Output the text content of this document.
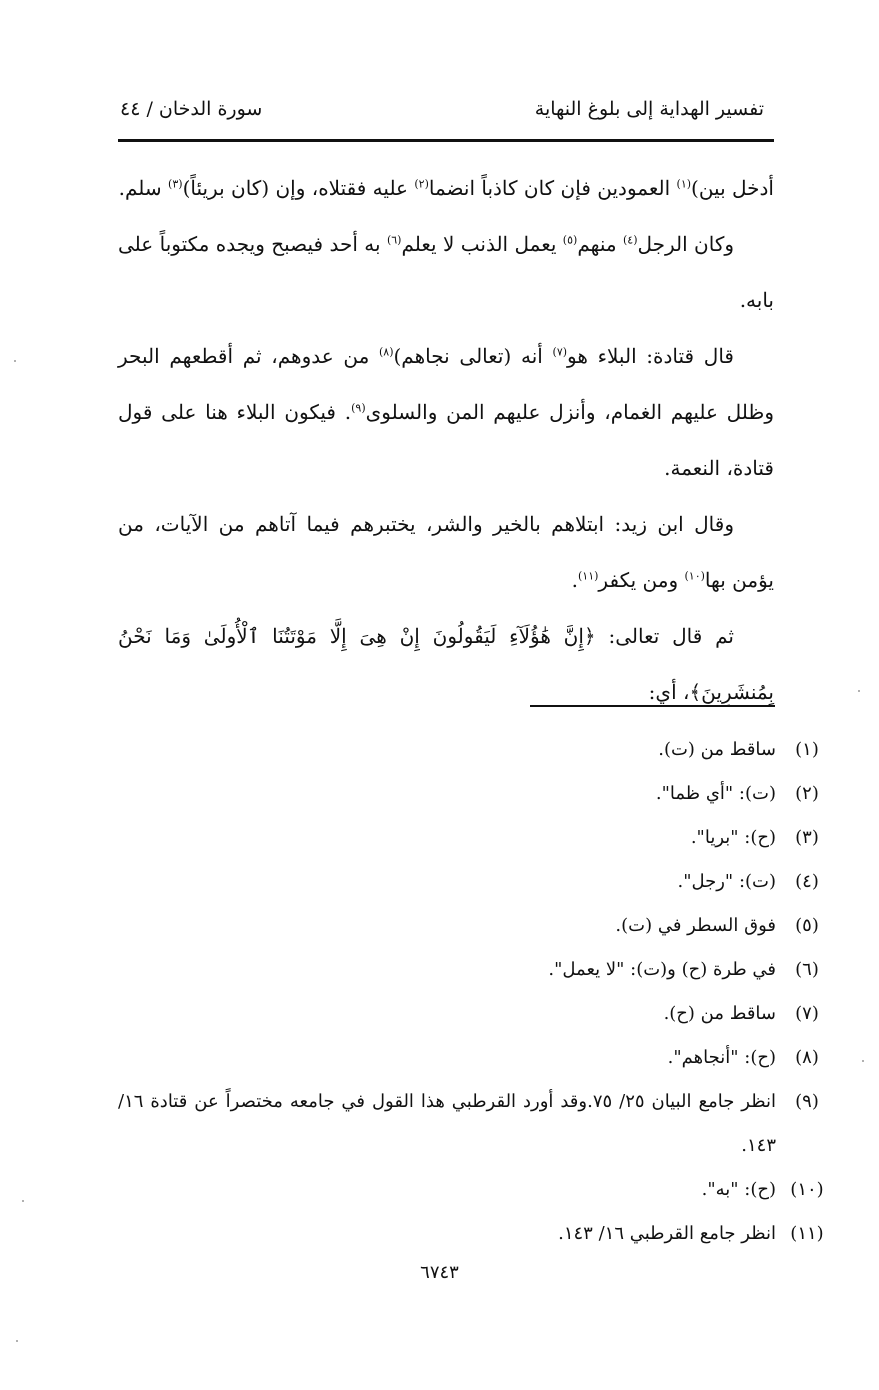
سورة الدخان / ٤٤	تفسير الهداية إلى بلوغ النهاية

أدخل بين)$^{(١)}$ العمودين فإن كان كاذباً انضما$^{(٢)}$ عليه فقتلاه، وإن (كان بريئاً)$^{(٣)}$ سلم.

وكان الرجل$^{(٤)}$ منهم$^{(٥)}$ يعمل الذنب لا يعلم$^{(٦)}$ به أحد فيصبح ويجده مكتوباً على بابه.

قال قتادة: البلاء هو$^{(٧)}$ أنه (تعالى نجاهم)$^{(٨)}$ من عدوهم، ثم أقطعهم البحر وظلل عليهم الغمام، وأنزل عليهم المن والسلوى$^{(٩)}$. فيكون البلاء هنا على قول قتادة، النعمة.

وقال ابن زيد: ابتلاهم بالخير والشر، يختبرهم فيما آتاهم من الآيات، من يؤمن بها$^{(١٠)}$ ومن يكفر$^{(١١)}$.

ثم قال تعالى: ﴿إِنَّ هَٰؤُلَآءِ لَيَقُولُونَ إِنْ هِىَ إِلَّا مَوْتَتُنَا ٱلْأُولَىٰ وَمَا نَحْنُ بِمُنشَرِينَ﴾، أي:

(١)
ساقط من (ت).
(٢)
(ت): "أي ظما".
(٣)
(ح): "بريا".
(٤)
(ت): "رجل".
(٥)
فوق السطر في (ت).
(٦)
في طرة (ح) و(ت): "لا يعمل".
(٧)
ساقط من (ح).
(٨)
(ح): "أنجاهم".
(٩)
انظر جامع البيان ٢٥/ ٧٥.وقد أورد القرطبي هذا القول في جامعه مختصراً عن قتادة ١٦/ ١٤٣.
(١٠)
(ح): "به".
(١١)
انظر جامع القرطبي ١٦/ ١٤٣.
٦٧٤٣
